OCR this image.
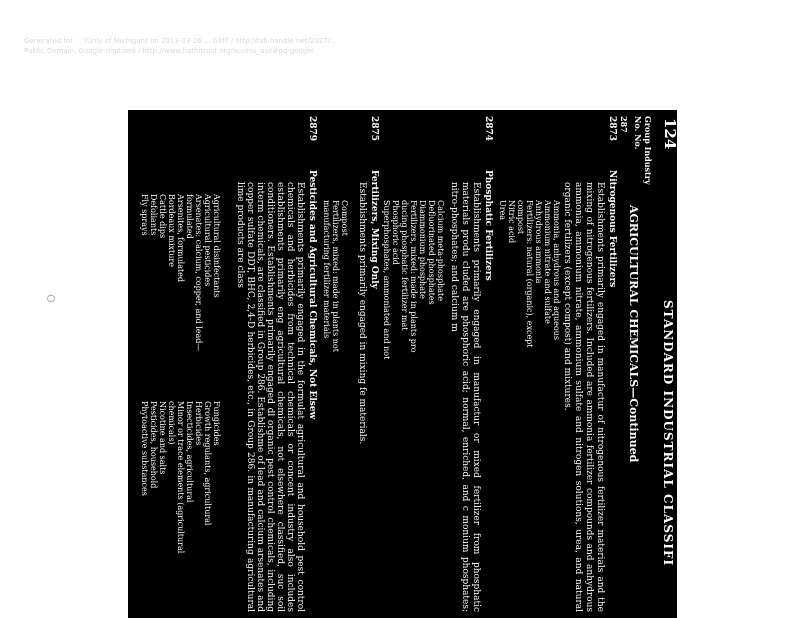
Generated for ... (Univ of Michigan) on 2013-03-26 ... GMT / http://hdl.handle.net/2027/...
Public Domain, Google-digitized / http://www.hathitrust.org/access_use#pd-google
O
124
STANDARD INDUSTRIAL CLASSIFI
Group Industry
No. No.
287
AGRICULTURAL CHEMICALS—Continued
2873
Nitrogenous Fertilizers
Establishments primarily engaged in manufactur of nitrogenous fertilizer materials and the mixing of nitrogenous fertilizers. Included are ammonia fertilizer compounds and anhydrous ammonia, ammonium nitrate, ammonium sulfate and nitrogen solutions, urea, and natural organic fertilizers (except compost) and mixtures.
Ammonia, anhydrous and aqueous
Ammonium nitrate and sulfate
Anhydrous ammonia
Fertilizers: natural (organic), except
compost
Nitric acid
Urea
2874
Phosphatic Fertilizers
Establishments primarily engaged in manufactur or mixed fertilizer from phosphatic materials produ cluded are phosphoric acid; normal, enriched, and c monium phosphates; nitro-phosphates; and calcium m
Calcium meta-phosphate
Defluorinated phosphates
Diammonium phosphate
Fertilizers, mixed: made in plants pro
ducing phosphatic fertilizer mat
Phosphoric acid
Superphosphates, ammoniated and not
2875
Fertilizers, Mixing Only
Establishments primarily engaged in mixing fe materials.
Compost
Fertilizers, mixed: made in plants not
manufacturing fertilizer materials
2879
Pesticides and Agricultural Chemicals, Not Elsew
Establishments primarily engaged in the formulat agricultural and household pest control chemicals and herbicides from technical chemicals or concent industry also includes establishments primarily eng agricultural chemicals, not elsewhere classified, suc soil conditioners. Establishments primarily engaged dl organic pest control chemicals, including interm chemicals, are classified in Group 286. Establishme of lead and calcium arsenates and copper sulfate DDT, BHC, 2,4-D herbicides, etc., in Group 286. in manufacturing agricultural lime products are class
Agricultural disinfectants
Agricultural pesticides
Arsenates: calcium, copper, and lead—
formulated
Arsenites, formulated
Bordeaux mixture
Cattle dips
Defoliants
Fly sprays
Fungicides
Growth regulants, agricultural
Herbicides
Insecticides, agricultural
Minor or trace elements (agricultural
chemicals)
Nicotine and salts
Pesticides, household
Phytoactive substances
